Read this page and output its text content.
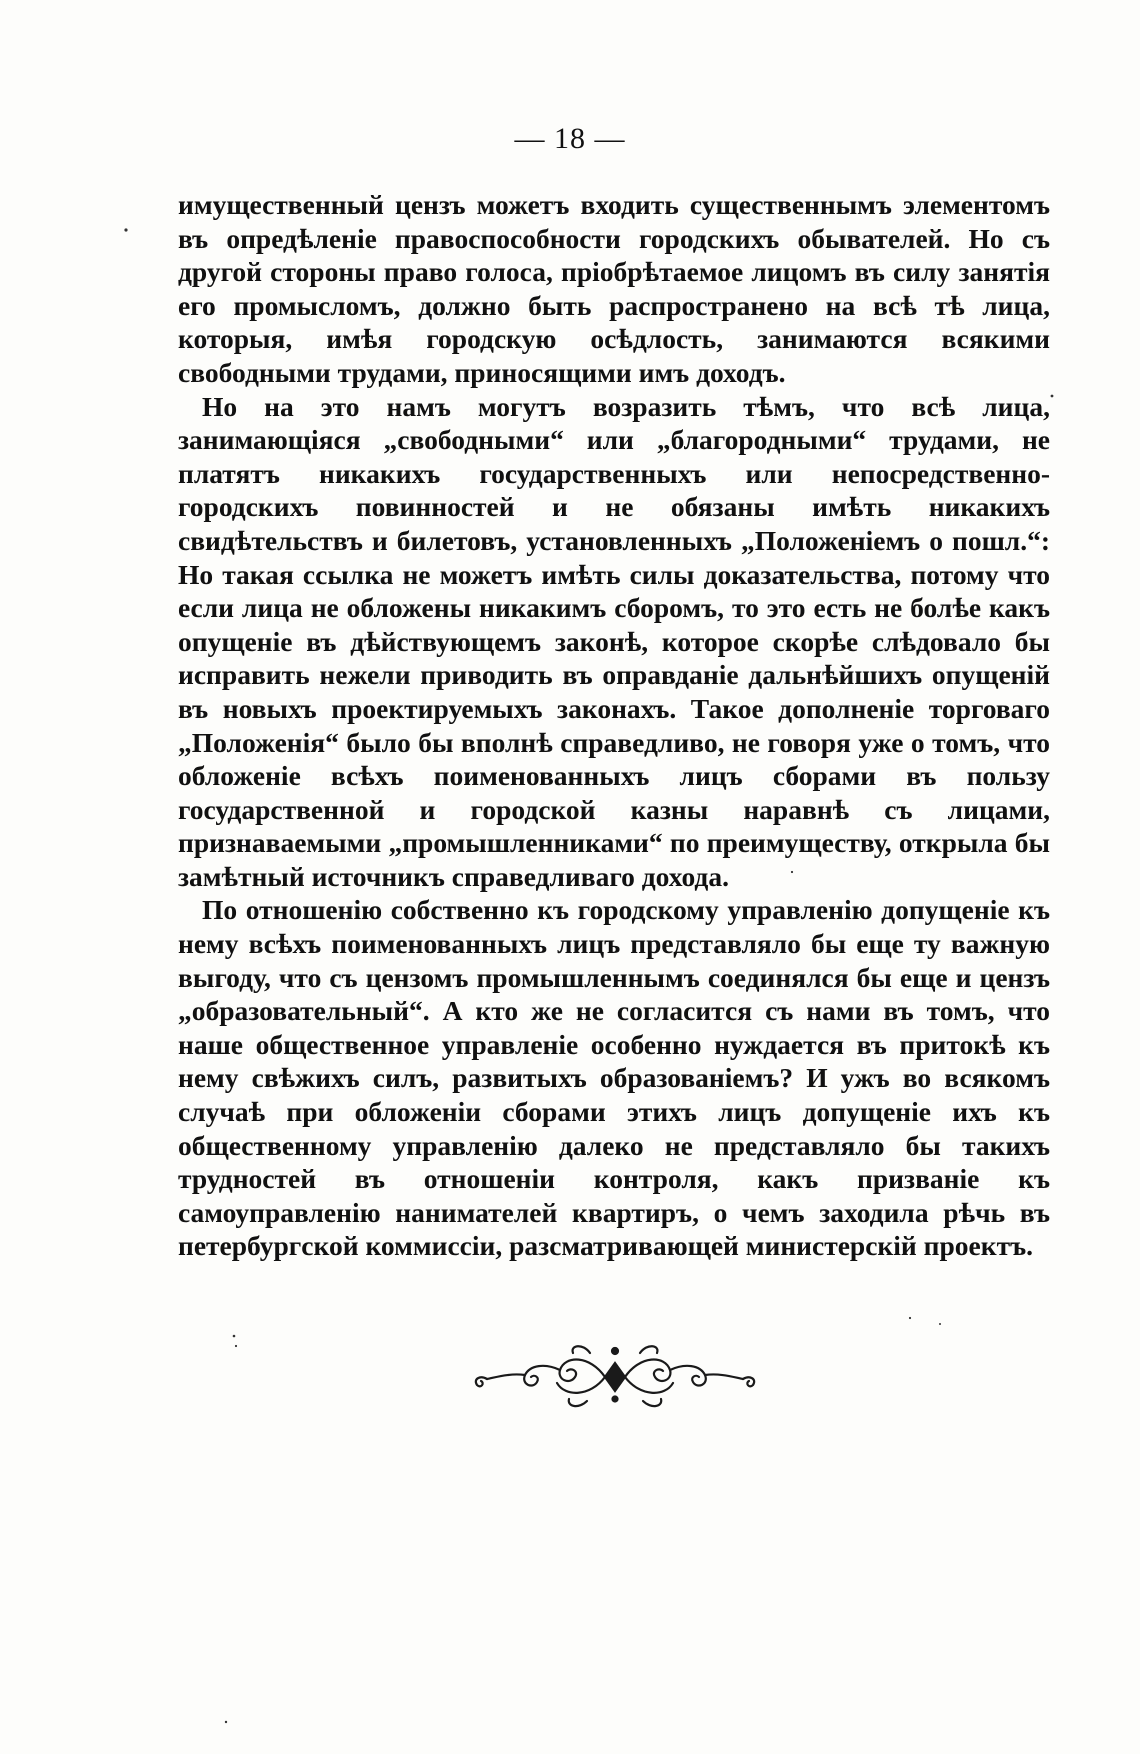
— 18 —

имущественный цензъ можетъ входить существеннымъ элементомъ въ опредѣленіе правоспособности городскихъ обывателей. Но съ другой стороны право голоса, пріобрѣтаемое лицомъ въ силу занятія его промысломъ, должно быть распространено на всѣ тѣ лица, которыя, имѣя городскую осѣдлость, занимаются всякими свободными трудами, приносящими имъ доходъ.

Но на это намъ могутъ возразить тѣмъ, что всѣ лица, занимающіяся „свободными“ или „благородными“ трудами, не платятъ никакихъ государственныхъ или непосредственно-городскихъ повинностей и не обязаны имѣть никакихъ свидѣтельствъ и билетовъ, установленныхъ „Положеніемъ о пошл.“: Но такая ссылка не можетъ имѣть силы доказательства, потому что если лица не обложены никакимъ сборомъ, то это есть не болѣе какъ опущеніе въ дѣйствующемъ законѣ, которое скорѣе слѣдовало бы исправить нежели приводить въ оправданіе дальнѣйшихъ опущеній въ новыхъ проектируемыхъ законахъ. Такое дополненіе торговаго „Положенія“ было бы вполнѣ справедливо, не говоря уже о томъ, что обложеніе всѣхъ поименованныхъ лицъ сборами въ пользу государственной и городской казны наравнѣ съ лицами, признаваемыми „промышленниками“ по преимуществу, открыла бы замѣтный источникъ справедливаго дохода.

По отношенію собственно къ городскому управленію допущеніе къ нему всѣхъ поименованныхъ лицъ представляло бы еще ту важную выгоду, что съ цензомъ промышленнымъ соединялся бы еще и цензъ „образовательный“. А кто же не согласится съ нами въ томъ, что наше общественное управленіе особенно нуждается въ притокѣ къ нему свѣжихъ силъ, развитыхъ образованіемъ? И ужъ во всякомъ случаѣ при обложеніи сборами этихъ лицъ допущеніе ихъ къ общественному управленію далеко не представляло бы такихъ трудностей въ отношеніи контроля, какъ призваніе къ самоуправленію нанимателей квартиръ, о чемъ заходила рѣчь въ петербургской коммиссіи, разсматривающей министерскій проектъ.
